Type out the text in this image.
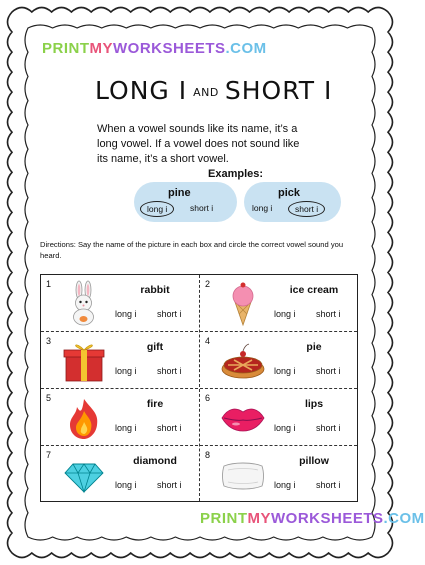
PRINTMYWORKSHEETS.COM
LONG I AND SHORT I
When a vowel sounds like its name, it’s a long vowel. If a vowel does not sound like its name, it’s a short vowel.
Examples:
pine
long i	short i
pick
long i	short i
Directions: Say the name of the picture in each box and circle the correct vowel sound you heard.
1	rabbit
long i short i
2	ice cream
long i short i
3	gift
long i short i
4	pie
long i short i
5	fire
long i short i
6	lips
long i short i
7	diamond
long i short i
8	pillow
long i short i
PRINTMYWORKSHEETS.COM
